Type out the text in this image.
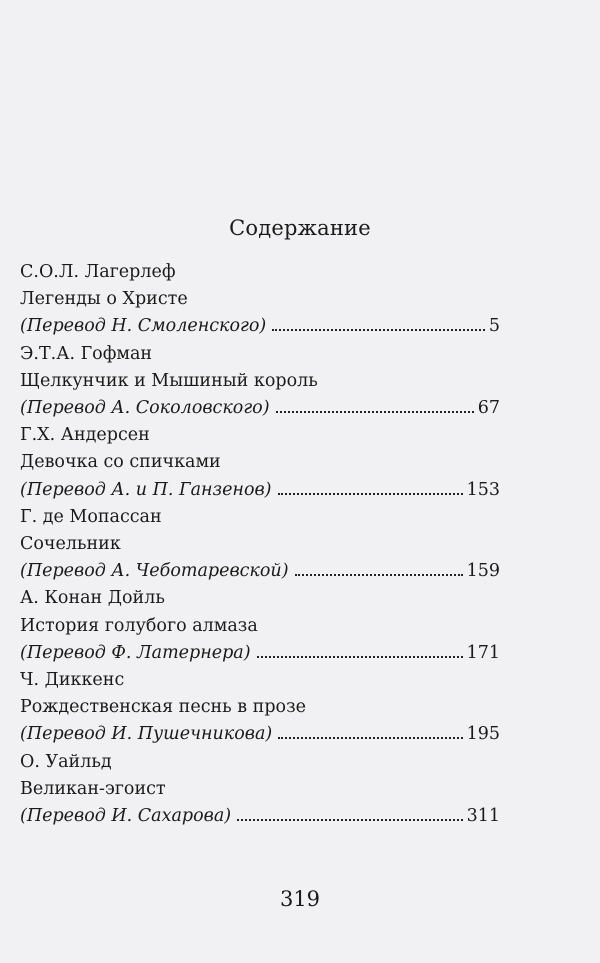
Содержание
С.О.Л. Лагерлеф
Легенды о Христе
(Перевод Н. Смоленского)	5
Э.Т.А. Гофман
Щелкунчик и Мышиный король
(Перевод А. Соколовского)	67
Г.Х. Андерсен
Девочка со спичками
(Перевод А. и П. Ганзенов)	153
Г. де Мопассан
Сочельник
(Перевод А. Чеботаревской)	159
А. Конан Дойль
История голубого алмаза
(Перевод Ф. Латернера)	171
Ч. Диккенс
Рождественская песнь в прозе
(Перевод И. Пушечникова)	195
О. Уайльд
Великан-эгоист
(Перевод И. Сахарова)	311
319
